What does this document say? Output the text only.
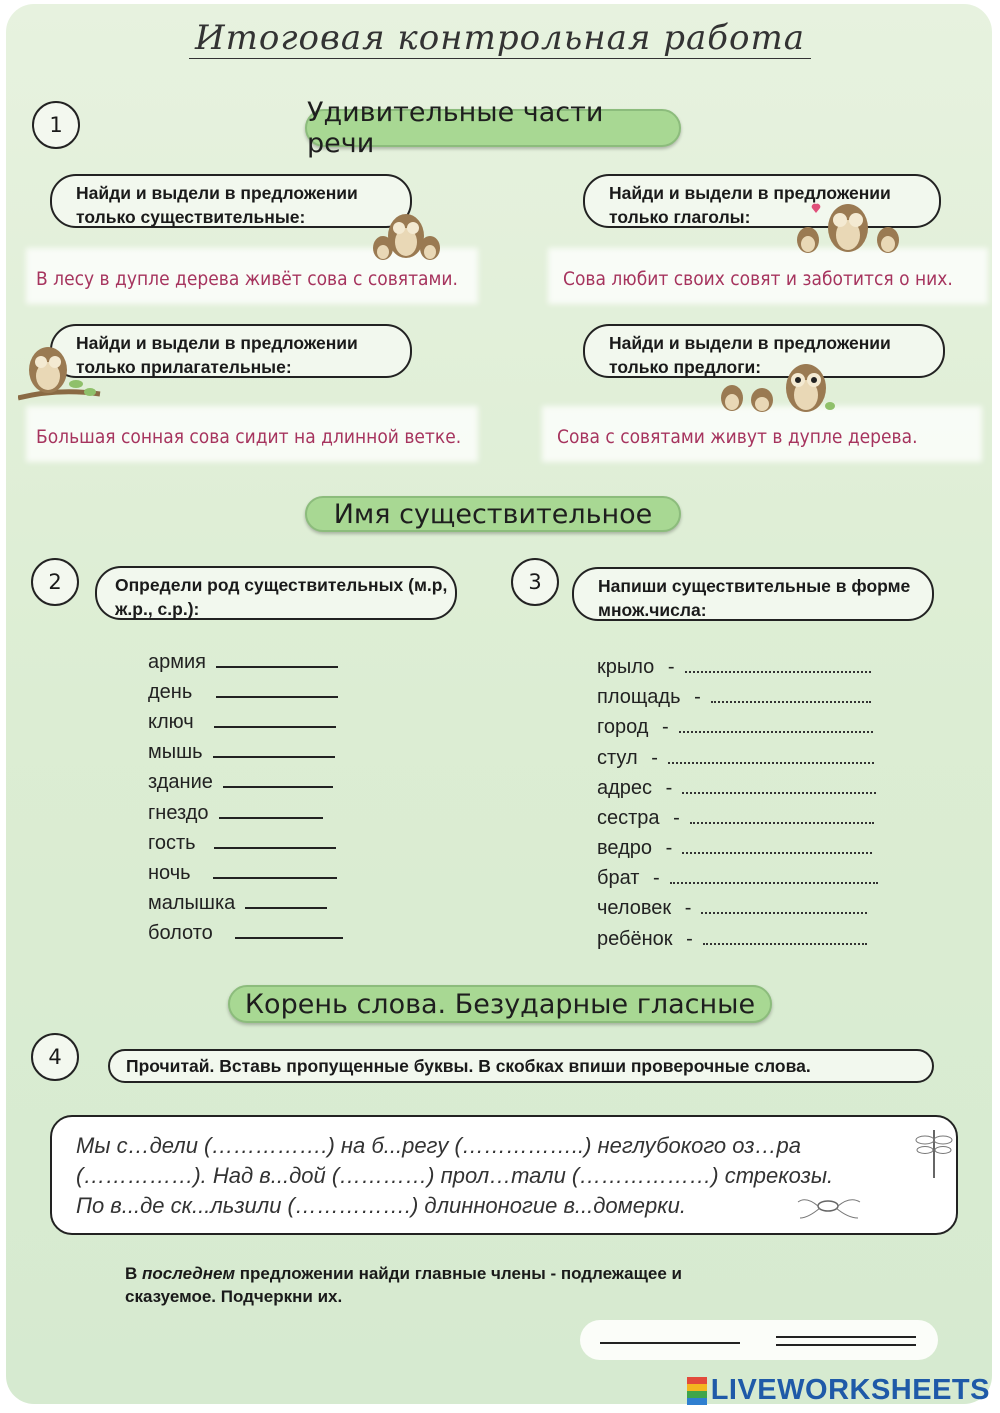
Итоговая контрольная работа
1	Удивительные части речи
Найди и выдели в предложении только существительные:
Найди и выдели в предложении только глаголы:
Найди и выдели в предложении только прилагательные:
Найди и выдели в предложении только предлоги:
В лесу в дупле дерева живёт сова с совятами.	Сова любит своих совят и заботится о них.
Большая сонная сова сидит на длинной ветке.	Сова с совятами живут в дупле дерева.
Имя существительное
2	Определи род существительных (м.р, ж.р., с.р.):
3	Напиши существительные в форме множ.числа:
армия
день
ключ
мышь
здание
гнездо
гость
ночь
малышка
болото
крыло -
площадь -
город -
стул -
адрес -
сестра -
ведро -
брат -
человек -
ребёнок -
Корень слова. Безударные гласные
4	Прочитай. Вставь пропущенные буквы. В скобках впиши проверочные слова.
Мы с…дели (…………….) на б...регу (……………..) неглубокого оз…ра
(……………). Над в...дой (…………) прол…тали (………………) стрекозы.
По в...де ск...льзили (…………….) длинноногие в...домерки.
В последнем предложении найди главные члены - подлежащее и сказуемое. Подчеркни их.
LIVEWORKSHEETS
